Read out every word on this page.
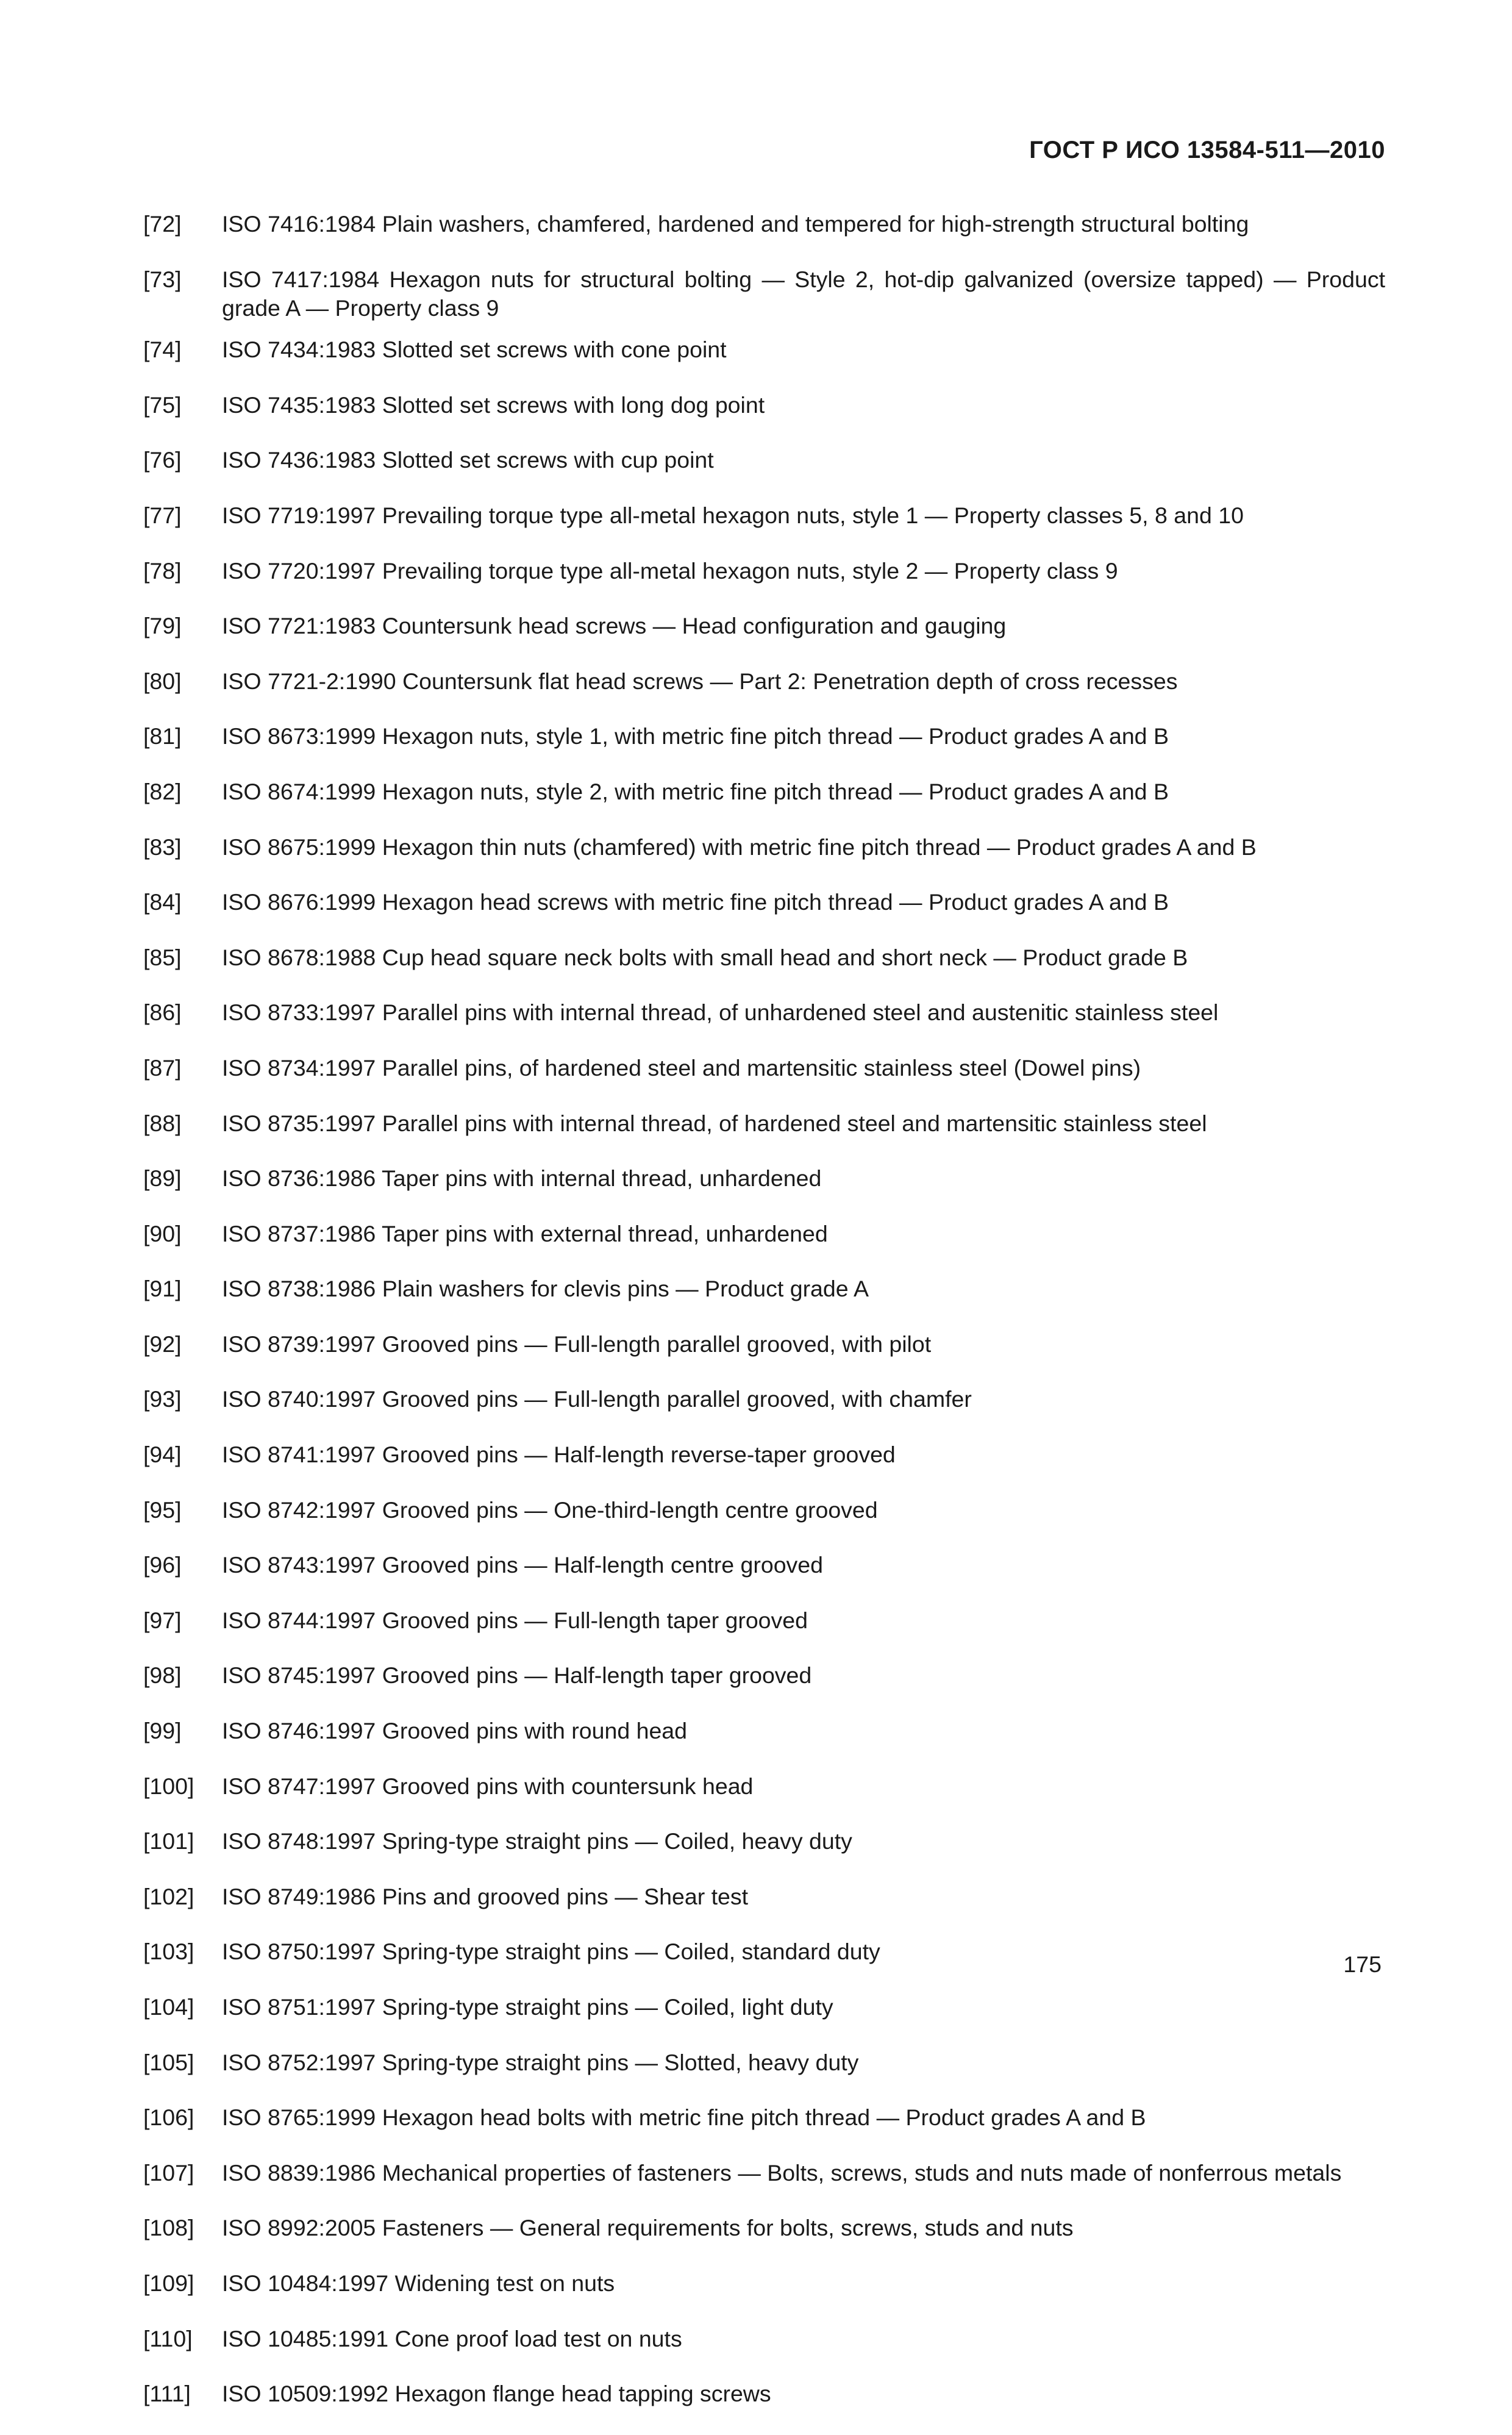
ГОСТ Р ИСО 13584-511—2010
[72] ISO 7416:1984 Plain washers, chamfered, hardened and tempered for high-strength structural bolting
[73] ISO 7417:1984 Hexagon nuts for structural bolting — Style 2, hot-dip galvanized (oversize tapped) — Product grade A — Property class 9
[74] ISO 7434:1983 Slotted set screws with cone point
[75] ISO 7435:1983 Slotted set screws with long dog point
[76] ISO 7436:1983 Slotted set screws with cup point
[77] ISO 7719:1997 Prevailing torque type all-metal hexagon nuts, style 1 — Property classes 5, 8 and 10
[78] ISO 7720:1997 Prevailing torque type all-metal hexagon nuts, style 2 — Property class 9
[79] ISO 7721:1983 Countersunk head screws — Head configuration and gauging
[80] ISO 7721-2:1990 Countersunk flat head screws — Part 2: Penetration depth of cross recesses
[81] ISO 8673:1999 Hexagon nuts, style 1, with metric fine pitch thread — Product grades A and B
[82] ISO 8674:1999 Hexagon nuts, style 2, with metric fine pitch thread — Product grades A and B
[83] ISO 8675:1999 Hexagon thin nuts (chamfered) with metric fine pitch thread — Product grades A and B
[84] ISO 8676:1999 Hexagon head screws with metric fine pitch thread — Product grades A and B
[85] ISO 8678:1988 Cup head square neck bolts with small head and short neck — Product grade B
[86] ISO 8733:1997 Parallel pins with internal thread, of unhardened steel and austenitic stainless steel
[87] ISO 8734:1997 Parallel pins, of hardened steel and martensitic stainless steel (Dowel pins)
[88] ISO 8735:1997 Parallel pins with internal thread, of hardened steel and martensitic stainless steel
[89] ISO 8736:1986 Taper pins with internal thread, unhardened
[90] ISO 8737:1986 Taper pins with external thread, unhardened
[91] ISO 8738:1986 Plain washers for clevis pins — Product grade A
[92] ISO 8739:1997 Grooved pins — Full-length parallel grooved, with pilot
[93] ISO 8740:1997 Grooved pins — Full-length parallel grooved, with chamfer
[94] ISO 8741:1997 Grooved pins — Half-length reverse-taper grooved
[95] ISO 8742:1997 Grooved pins — One-third-length centre grooved
[96] ISO 8743:1997 Grooved pins — Half-length centre grooved
[97] ISO 8744:1997 Grooved pins — Full-length taper grooved
[98] ISO 8745:1997 Grooved pins — Half-length taper grooved
[99] ISO 8746:1997 Grooved pins with round head
[100] ISO 8747:1997 Grooved pins with countersunk head
[101] ISO 8748:1997 Spring-type straight pins — Coiled, heavy duty
[102] ISO 8749:1986 Pins and grooved pins — Shear test
[103] ISO 8750:1997 Spring-type straight pins — Coiled, standard duty
[104] ISO 8751:1997 Spring-type straight pins — Coiled, light duty
[105] ISO 8752:1997 Spring-type straight pins — Slotted, heavy duty
[106] ISO 8765:1999 Hexagon head bolts with metric fine pitch thread — Product grades A and B
[107] ISO 8839:1986 Mechanical properties of fasteners — Bolts, screws, studs and nuts made of nonferrous metals
[108] ISO 8992:2005 Fasteners — General requirements for bolts, screws, studs and nuts
[109] ISO 10484:1997 Widening test on nuts
[110] ISO 10485:1991 Cone proof load test on nuts
[111] ISO 10509:1992 Hexagon flange head tapping screws
175
